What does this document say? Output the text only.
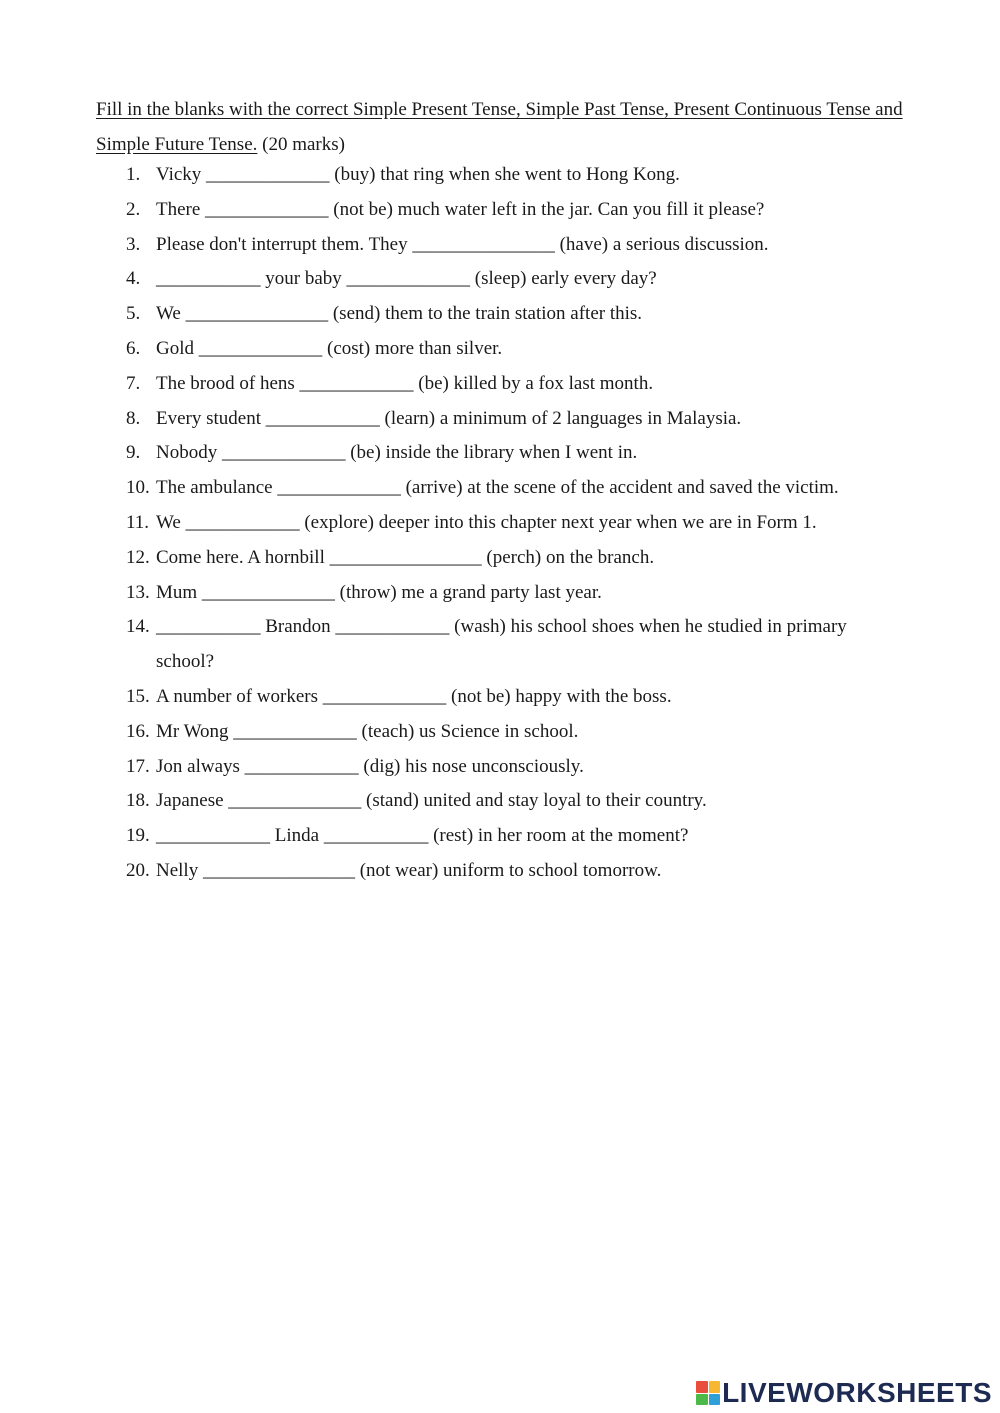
Fill in the blanks with the correct Simple Present Tense, Simple Past Tense, Present Continuous Tense and Simple Future Tense. (20 marks)
1. Vicky _____________ (buy) that ring when she went to Hong Kong.
2. There _____________ (not be) much water left in the jar. Can you fill it please?
3. Please don't interrupt them. They _______________ (have) a serious discussion.
4. ___________ your baby _____________ (sleep) early every day?
5. We _______________ (send) them to the train station after this.
6. Gold _____________ (cost) more than silver.
7. The brood of hens ____________ (be) killed by a fox last month.
8. Every student ____________ (learn) a minimum of 2 languages in Malaysia.
9. Nobody _____________ (be) inside the library when I went in.
10. The ambulance _____________ (arrive) at the scene of the accident and saved the victim.
11. We ____________ (explore) deeper into this chapter next year when we are in Form 1.
12. Come here. A hornbill ________________ (perch) on the branch.
13. Mum ______________ (throw) me a grand party last year.
14. ___________ Brandon ____________ (wash) his school shoes when he studied in primary school?
15. A number of workers _____________ (not be) happy with the boss.
16. Mr Wong _____________ (teach) us Science in school.
17. Jon always ____________ (dig) his nose unconsciously.
18. Japanese ______________ (stand) united and stay loyal to their country.
19. ____________ Linda ___________ (rest) in her room at the moment?
20. Nelly ________________ (not wear) uniform to school tomorrow.
LIVEWORKSHEETS
